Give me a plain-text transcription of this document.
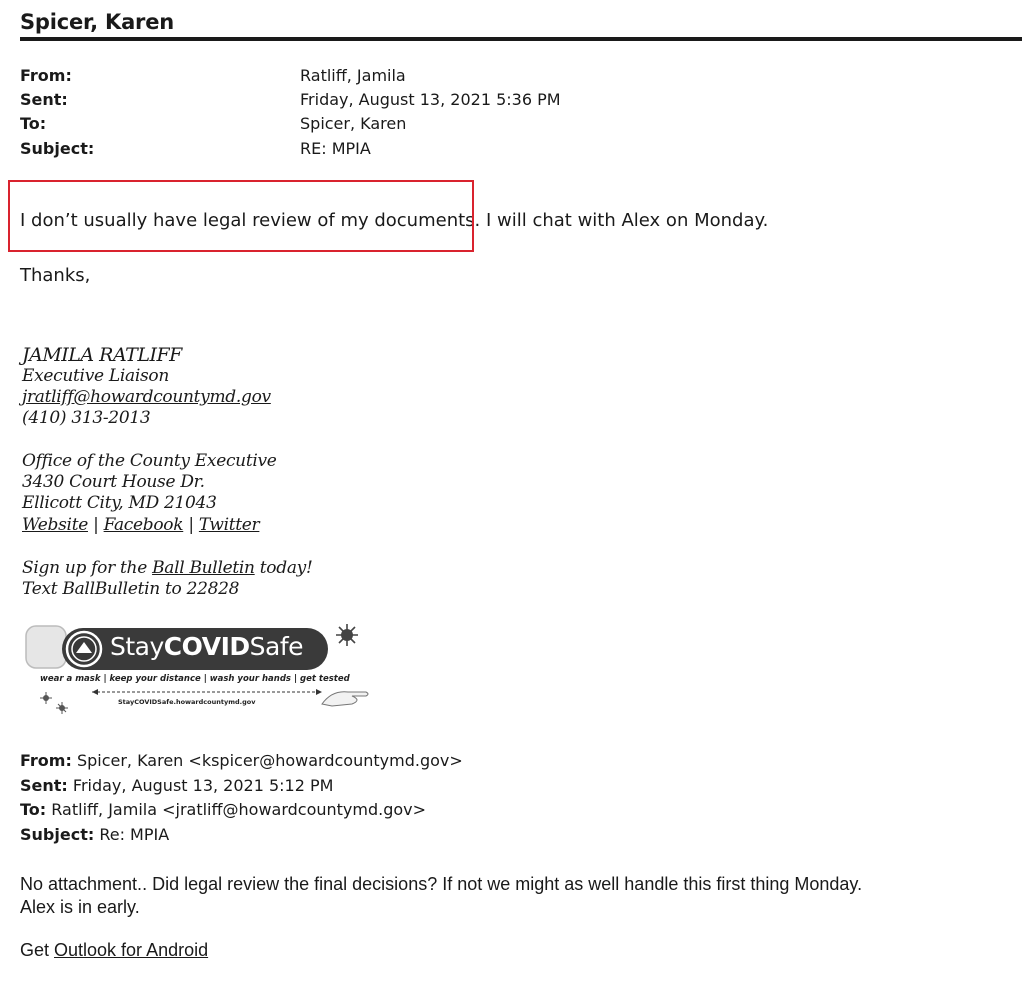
Spicer, Karen
From:	Ratliff, Jamila
Sent:	Friday, August 13, 2021 5:36 PM
To:	Spicer, Karen
Subject:	RE: MPIA
I don’t usually have legal review of my documents. I will chat with Alex on Monday.
Thanks,
JAMILA RATLIFF
Executive Liaison
jratliff@howardcountymd.gov
(410) 313-2013
Office of the County Executive
3430 Court House Dr.
Ellicott City, MD 21043
Website | Facebook | Twitter
Sign up for the Ball Bulletin today!
Text BallBulletin to 22828
StayCOVIDSafe
wear a mask | keep your distance | wash your hands | get tested
StayCOVIDSafe.howardcountymd.gov
From: Spicer, Karen <kspicer@howardcountymd.gov>
Sent: Friday, August 13, 2021 5:12 PM
To: Ratliff, Jamila <jratliff@howardcountymd.gov>
Subject: Re: MPIA
No attachment.. Did legal review the final decisions? If not we might as well handle this first thing Monday.
Alex is in early.
Get Outlook for Android
